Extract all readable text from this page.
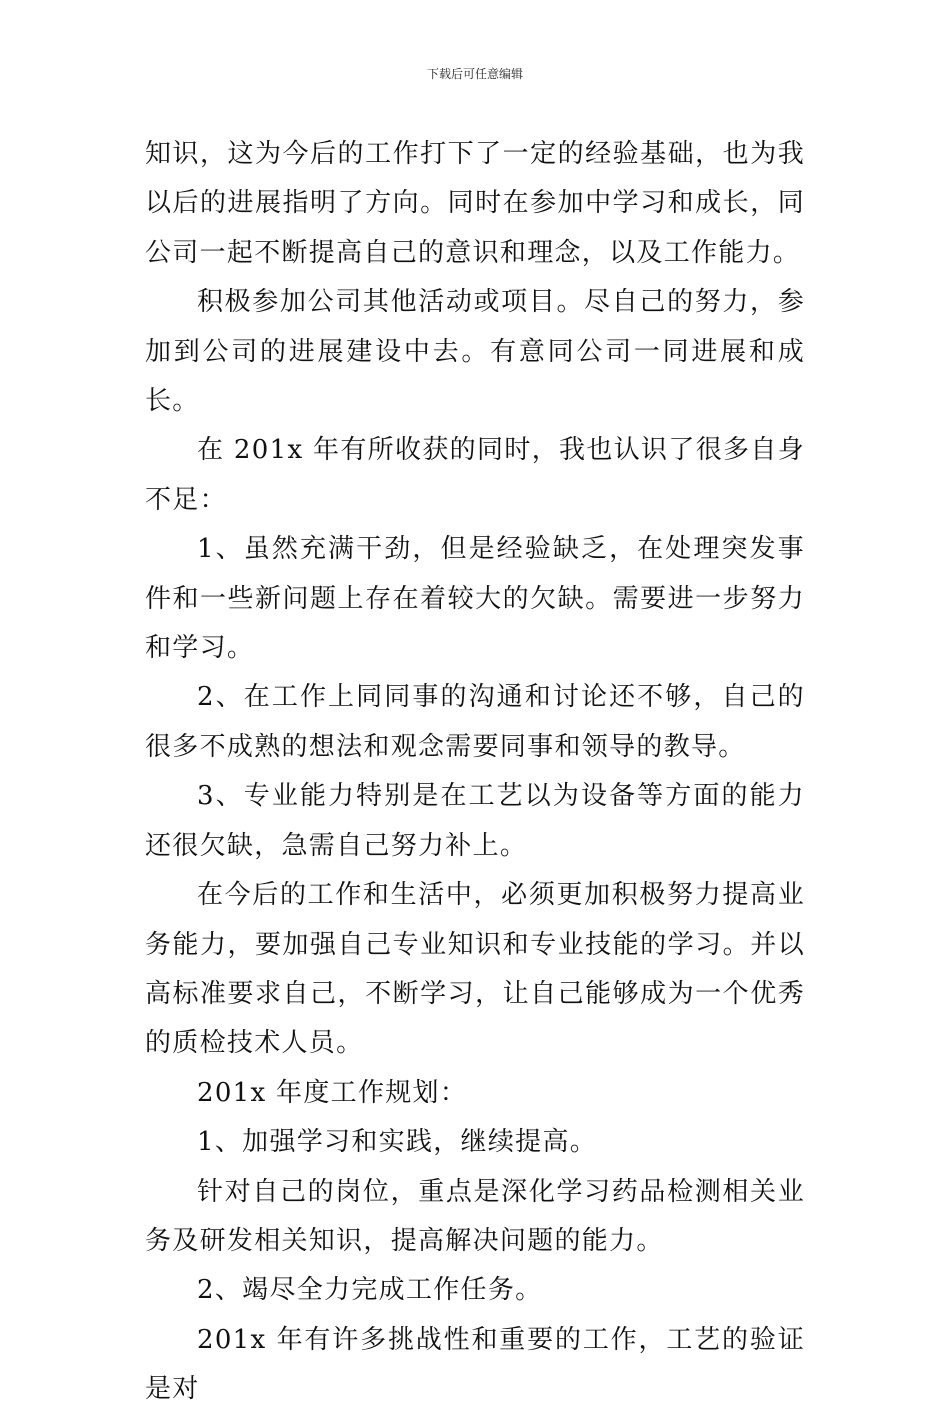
下载后可任意编辑

知识，这为今后的工作打下了一定的经验基础，也为我以后的进展指明了方向。同时在参加中学习和成长，同公司一起不断提高自己的意识和理念，以及工作能力。

积极参加公司其他活动或项目。尽自己的努力，参加到公司的进展建设中去。有意同公司一同进展和成长。

在 201x 年有所收获的同时，我也认识了很多自身不足：

1、虽然充满干劲，但是经验缺乏，在处理突发事件和一些新问题上存在着较大的欠缺。需要进一步努力和学习。

2、在工作上同同事的沟通和讨论还不够，自己的很多不成熟的想法和观念需要同事和领导的教导。

3、专业能力特别是在工艺以为设备等方面的能力还很欠缺，急需自己努力补上。

在今后的工作和生活中，必须更加积极努力提高业务能力，要加强自己专业知识和专业技能的学习。并以高标准要求自己，不断学习，让自己能够成为一个优秀的质检技术人员。

201x 年度工作规划：

1、加强学习和实践，继续提高。

针对自己的岗位，重点是深化学习药品检测相关业务及研发相关知识，提高解决问题的能力。

2、竭尽全力完成工作任务。

201x 年有许多挑战性和重要的工作，工艺的验证是对
